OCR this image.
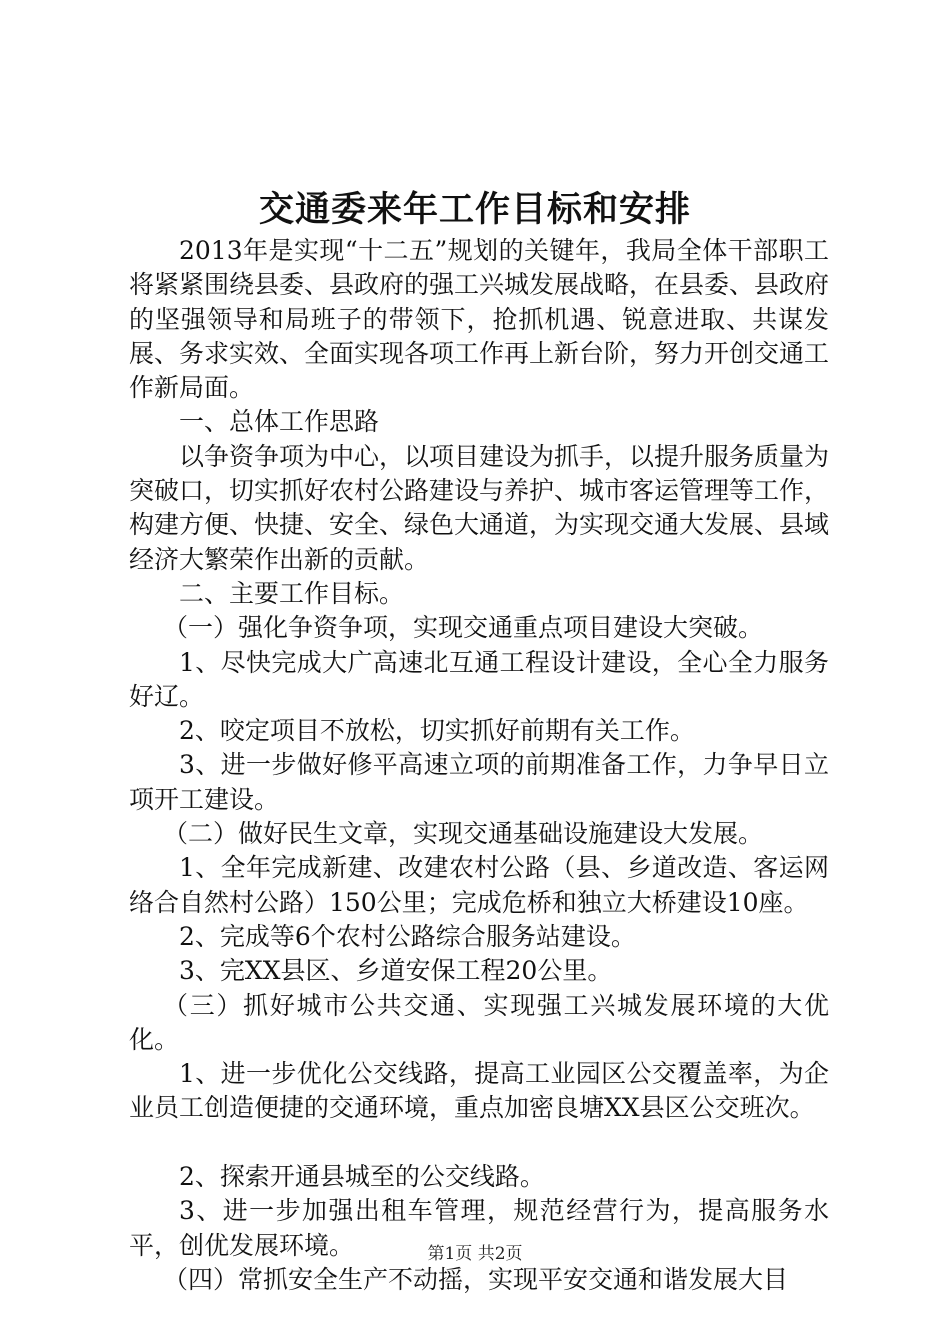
交通委来年工作目标和安排

2013年是实现“十二五”规划的关键年，我局全体干部职工将紧紧围绕县委、县政府的强工兴城发展战略，在县委、县政府的坚强领导和局班子的带领下，抢抓机遇、锐意进取、共谋发展、务求实效、全面实现各项工作再上新台阶，努力开创交通工作新局面。

一、总体工作思路

以争资争项为中心，以项目建设为抓手，以提升服务质量为突破口，切实抓好农村公路建设与养护、城市客运管理等工作，构建方便、快捷、安全、绿色大通道，为实现交通大发展、县域经济大繁荣作出新的贡献。

二、主要工作目标。

（一）强化争资争项，实现交通重点项目建设大突破。

1、尽快完成大广高速北互通工程设计建设，全心全力服务好辽。

2、咬定项目不放松，切实抓好前期有关工作。

3、进一步做好修平高速立项的前期准备工作，力争早日立项开工建设。

（二）做好民生文章，实现交通基础设施建设大发展。

1、全年完成新建、改建农村公路（县、乡道改造、客运网络合自然村公路）150公里；完成危桥和独立大桥建设10座。

2、完成等6个农村公路综合服务站建设。

3、完XX县区、乡道安保工程20公里。

（三）抓好城市公共交通、实现强工兴城发展环境的大优化。

1、进一步优化公交线路，提高工业园区公交覆盖率，为企业员工创造便捷的交通环境，重点加密良塘XX县区公交班次。

2、探索开通县城至的公交线路。

3、进一步加强出租车管理，规范经营行为，提高服务水平，创优发展环境。

（四）常抓安全生产不动摇，实现平安交通和谐发展大目

第1页 共2页
